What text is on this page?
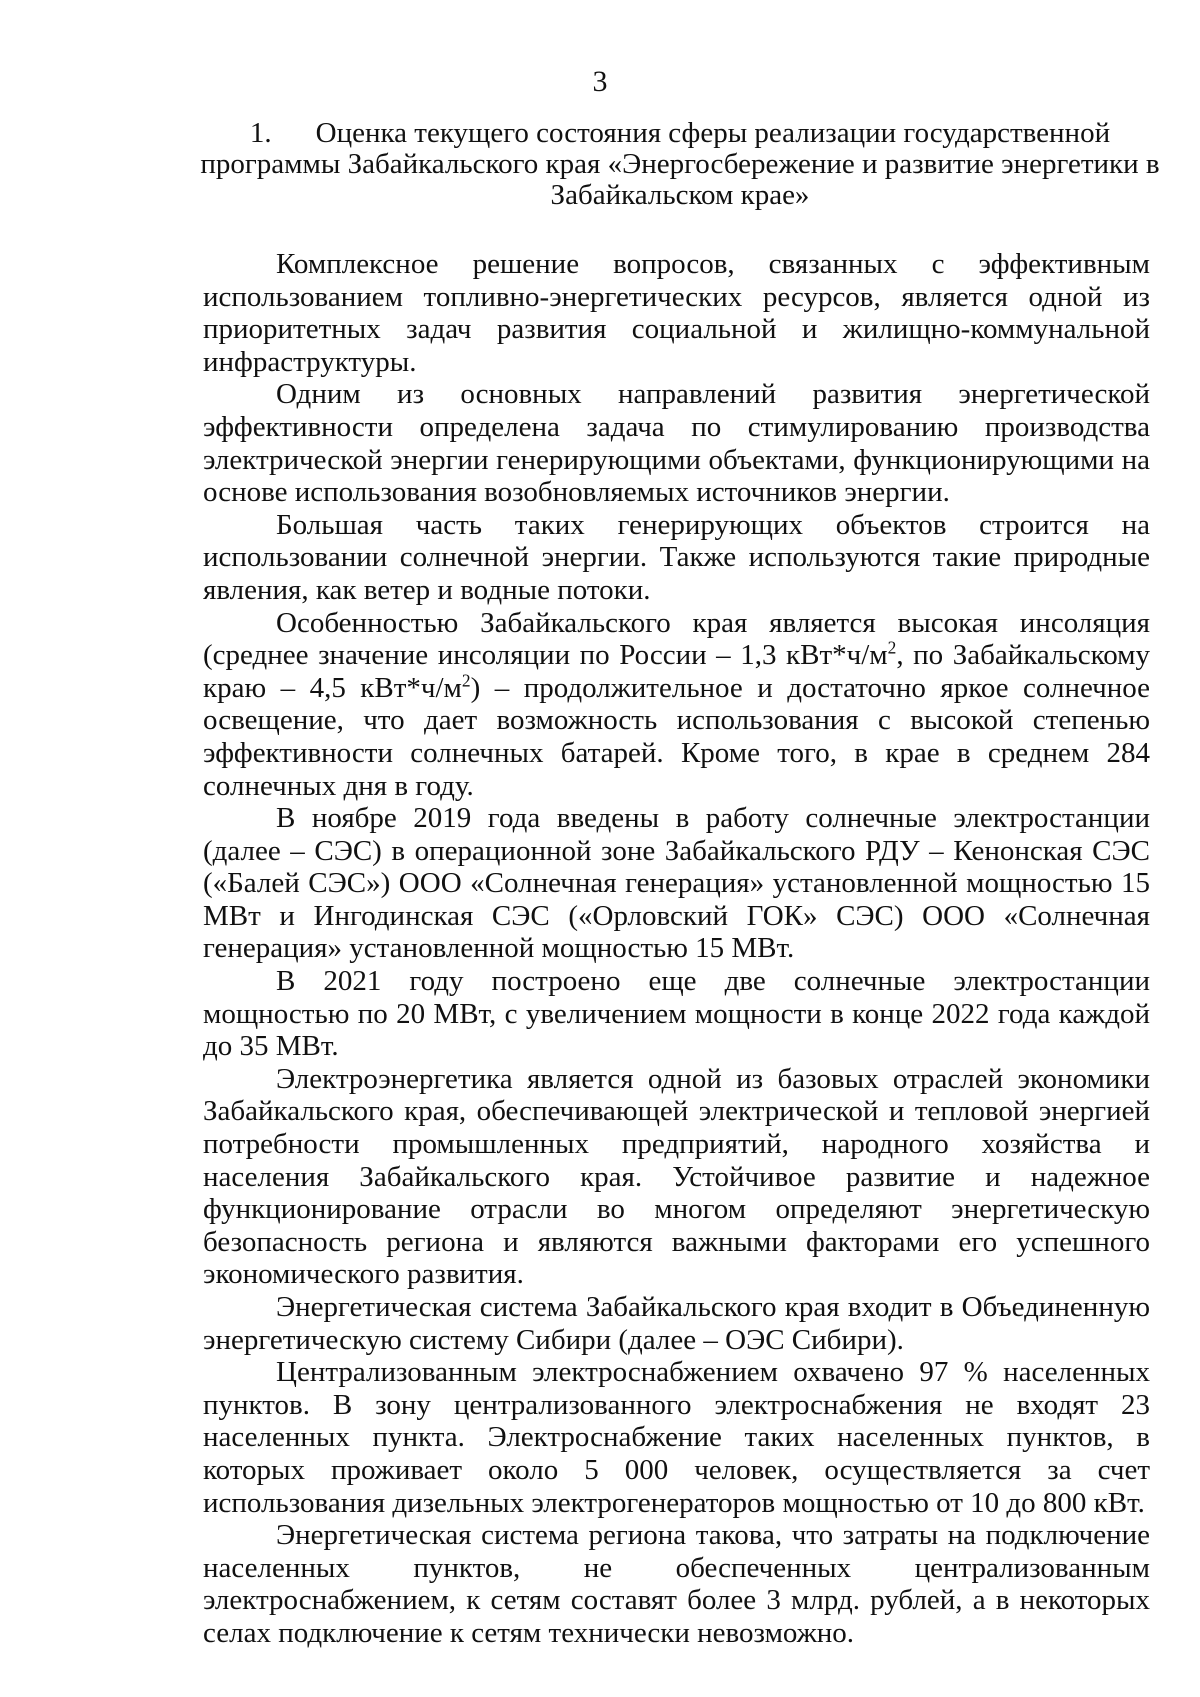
3
1. Оценка текущего состояния сферы реализации государственной программы Забайкальского края «Энергосбережение и развитие энергетики в Забайкальском крае»

Комплексное решение вопросов, связанных с эффективным использованием топливно-энергетических ресурсов, является одной из приоритетных задач развития социальной и жилищно-коммунальной инфраструктуры.

Одним из основных направлений развития энергетической эффективности определена задача по стимулированию производства электрической энергии генерирующими объектами, функционирующими на основе использования возобновляемых источников энергии.

Большая часть таких генерирующих объектов строится на использовании солнечной энергии. Также используются такие природные явления, как ветер и водные потоки.

Особенностью Забайкальского края является высокая инсоляция (среднее значение инсоляции по России – 1,3 $кВт*ч/м^2$, по Забайкальскому краю – 4,5 $кВт*ч/м^2$) – продолжительное и достаточно яркое солнечное освещение, что дает возможность использования с высокой степенью эффективности солнечных батарей. Кроме того, в крае в среднем 284 солнечных дня в году.

В ноябре 2019 года введены в работу солнечные электростанции (далее – СЭС) в операционной зоне Забайкальского РДУ – Кенонская СЭС («Балей СЭС») ООО «Солнечная генерация» установленной мощностью 15 МВт и Ингодинская СЭС («Орловский ГОК» СЭС) ООО «Солнечная генерация» установленной мощностью 15 МВт.

В 2021 году построено еще две солнечные электростанции мощностью по 20 МВт, с увеличением мощности в конце 2022 года каждой до 35 МВт.

Электроэнергетика является одной из базовых отраслей экономики Забайкальского края, обеспечивающей электрической и тепловой энергией потребности промышленных предприятий, народного хозяйства и населения Забайкальского края. Устойчивое развитие и надежное функционирование отрасли во многом определяют энергетическую безопасность региона и являются важными факторами его успешного экономического развития.

Энергетическая система Забайкальского края входит в Объединенную энергетическую систему Сибири (далее – ОЭС Сибири).

Централизованным электроснабжением охвачено 97 % населенных пунктов. В зону централизованного электроснабжения не входят 23 населенных пункта. Электроснабжение таких населенных пунктов, в которых проживает около 5 000 человек, осуществляется за счет использования дизельных электрогенераторов мощностью от 10 до 800 кВт.

Энергетическая система региона такова, что затраты на подключение населенных пунктов, не обеспеченных централизованным электроснабжением, к сетям составят более 3 млрд. рублей, а в некоторых селах подключение к сетям технически невозможно.
